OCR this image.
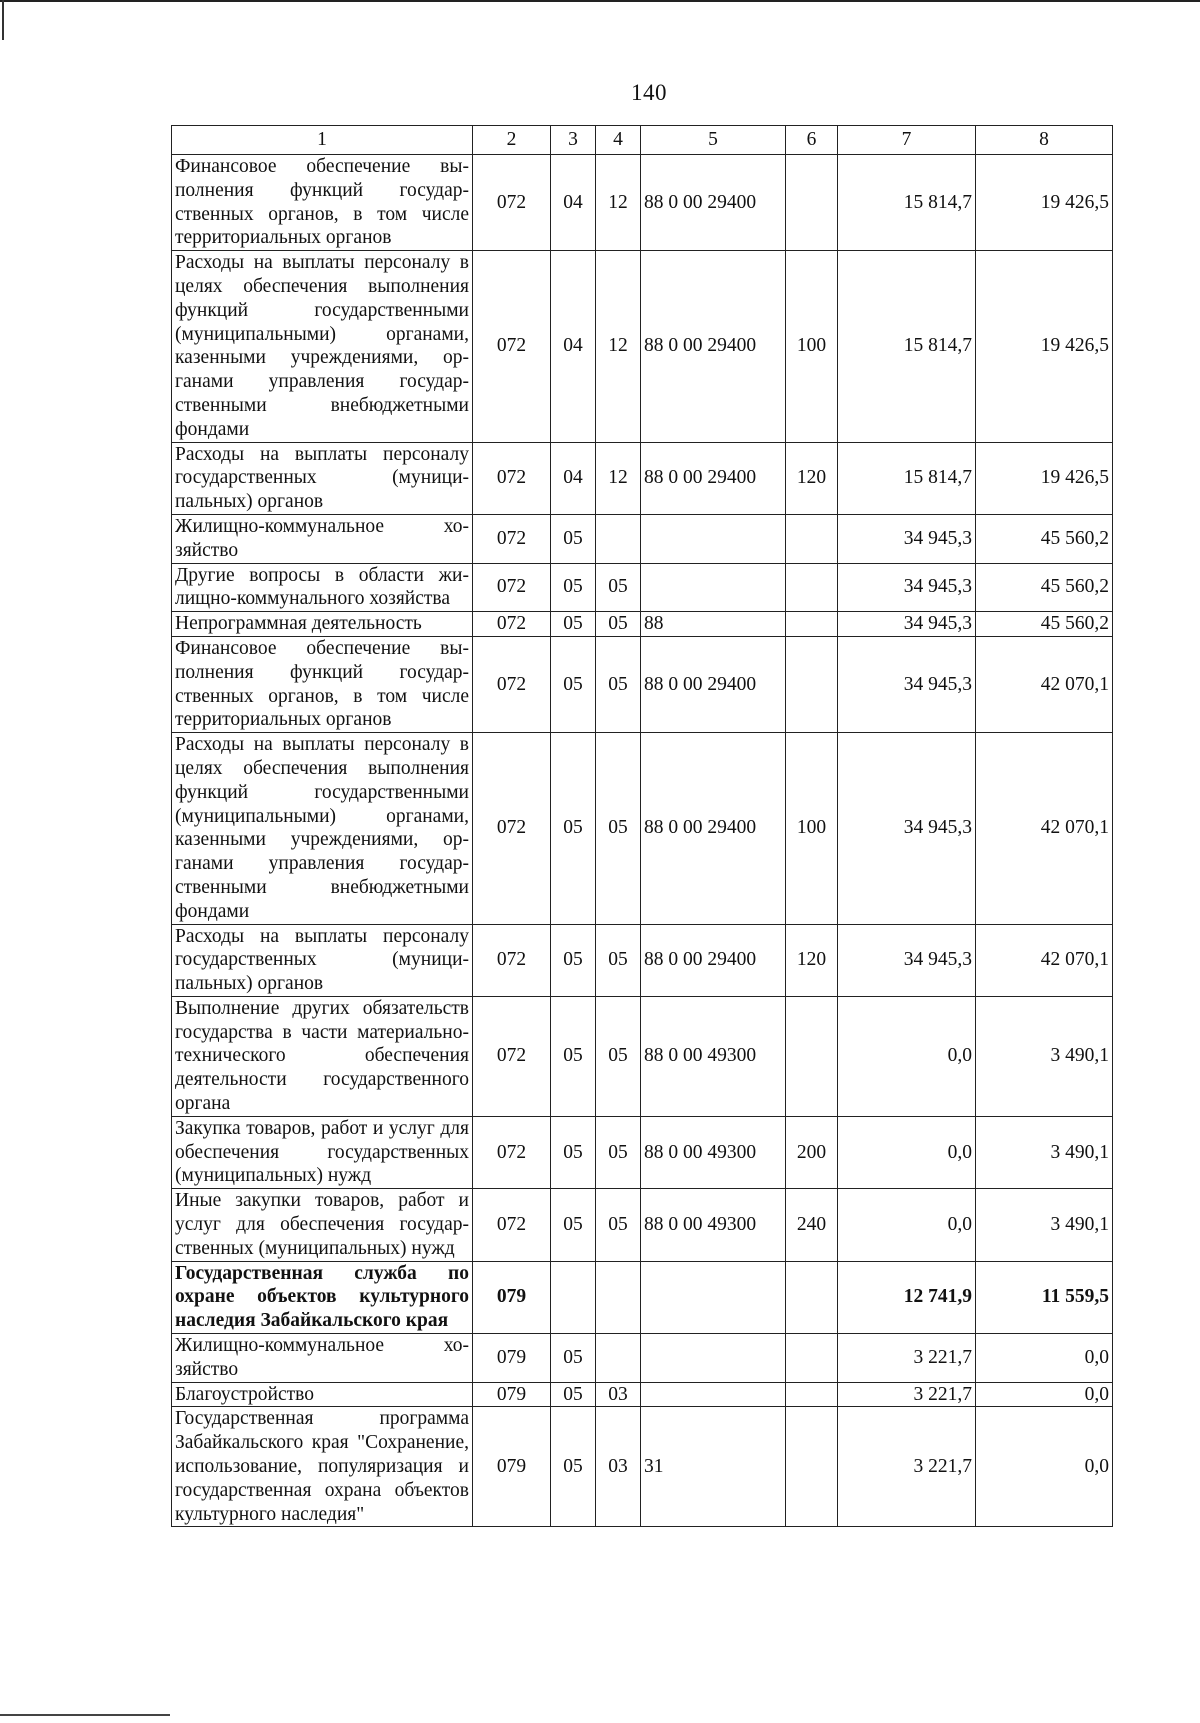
140
1	2	3	4	5	6	7	8
Финансовое обеспечение выполнения функций государственных органов, в том числе территориальных органов	072	04	12	88 0 00 29400		15 814,7	19 426,5
Расходы на выплаты персоналу в целях обеспечения выполнения функций государственными (муниципальными) органами, казенными учреждениями, органами управления государственными внебюджетными фондами	072	04	12	88 0 00 29400	100	15 814,7	19 426,5
Расходы на выплаты персоналу государственных (муниципальных) органов	072	04	12	88 0 00 29400	120	15 814,7	19 426,5
Жилищно-коммунальное хозяйство	072	05				34 945,3	45 560,2
Другие вопросы в области жилищно-коммунального хозяйства	072	05	05			34 945,3	45 560,2
Непрограммная деятельность	072	05	05	88		34 945,3	45 560,2
Финансовое обеспечение выполнения функций государственных органов, в том числе территориальных органов	072	05	05	88 0 00 29400		34 945,3	42 070,1
Расходы на выплаты персоналу в целях обеспечения выполнения функций государственными (муниципальными) органами, казенными учреждениями, органами управления государственными внебюджетными фондами	072	05	05	88 0 00 29400	100	34 945,3	42 070,1
Расходы на выплаты персоналу государственных (муниципальных) органов	072	05	05	88 0 00 29400	120	34 945,3	42 070,1
Выполнение других обязательств государства в части материально-технического обеспечения деятельности государственного органа	072	05	05	88 0 00 49300		0,0	3 490,1
Закупка товаров, работ и услуг для обеспечения государственных (муниципальных) нужд	072	05	05	88 0 00 49300	200	0,0	3 490,1
Иные закупки товаров, работ и услуг для обеспечения государственных (муниципальных) нужд	072	05	05	88 0 00 49300	240	0,0	3 490,1
Государственная служба по охране объектов культурного наследия Забайкальского края	079					12 741,9	11 559,5
Жилищно-коммунальное хозяйство	079	05				3 221,7	0,0
Благоустройство	079	05	03			3 221,7	0,0
Государственная программа Забайкальского края "Сохранение, использование, популяризация и государственная охрана объектов культурного наследия"	079	05	03	31		3 221,7	0,0
